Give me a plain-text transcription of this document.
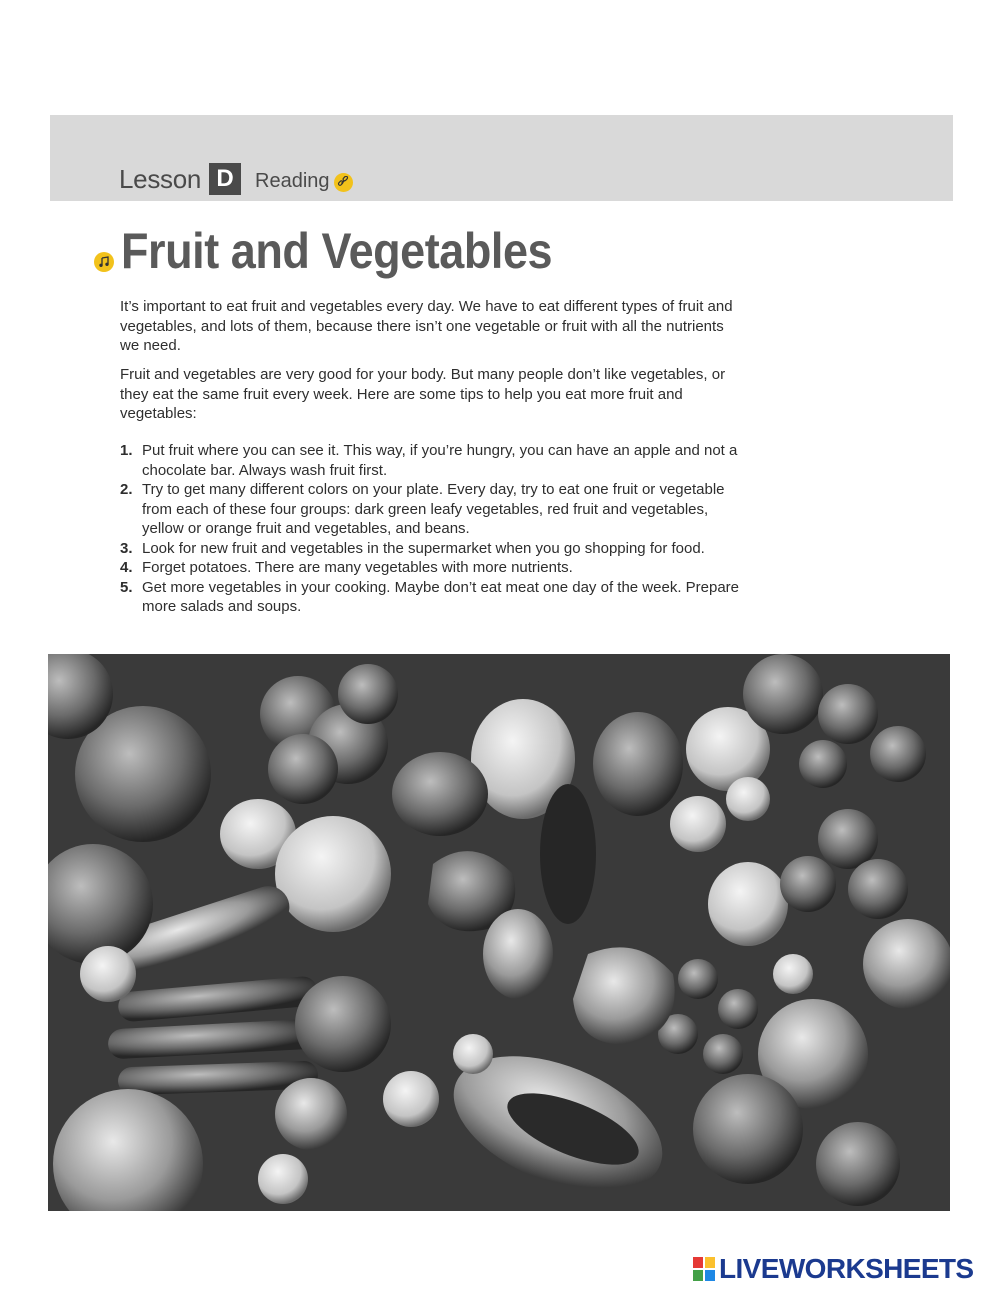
Lesson D	Reading
Fruit and Vegetables

It’s important to eat fruit and vegetables every day. We have to eat different types of fruit and vegetables, and lots of them, because there isn’t one vegetable or fruit with all the nutrients we need.

Fruit and vegetables are very good for your body. But many people don’t like vegetables, or they eat the same fruit every week. Here are some tips to help you eat more fruit and vegetables:

1. Put fruit where you can see it. This way, if you’re hungry, you can have an apple and not a chocolate bar. Always wash fruit first.
2. Try to get many different colors on your plate. Every day, try to eat one fruit or vegetable from each of these four groups: dark green leafy vegetables, red fruit and vegetables, yellow or orange fruit and vegetables, and beans.
3. Look for new fruit and vegetables in the supermarket when you go shopping for food.
4. Forget potatoes. There are many vegetables with more nutrients.
5. Get more vegetables in your cooking. Maybe don’t eat meat one day of the week. Prepare more salads and soups.
LIVEWORKSHEETS
